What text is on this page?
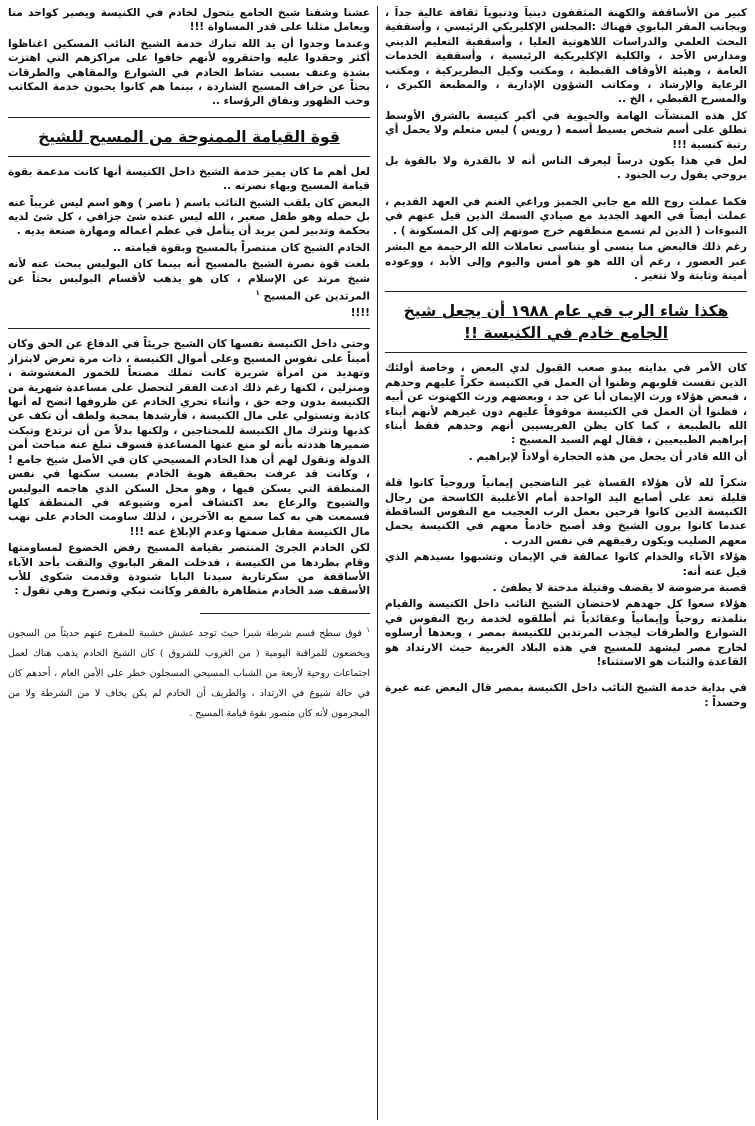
كبير من الأساقفة والكهنة المثقفون دينياً ودنيوياً ثقافة عالية جداً ، وبجانب المقر البابوي فهناك :المجلس الإكليريكي الرئيسي ، وأسقفية البحث العلمي والدراسات اللاهوتية العليا ، وأسقفية التعليم الديني ومدارس الأحد ، والكلية الإكليريكية الرئيسية ، وأسقفية الخدمات العامة ، وهيئة الأوقاف القبطية ، ومكتب وكيل البطريركية ، ومكتب الرعاية والإرشاد ، ومكاتب الشؤون الإدارية ، والمطبعة الكبرى ، والمسرح القبطي ، الخ ..

كل هذه المنشآت الهامة والحيوية في أكبر كنيسة بالشرق الأوسط تطلق على أسم شخص بسيط أسمه ( رويس ) ليس متعلم ولا يحمل أي رتبة كنسية !!!

لعل في هذا يكون درساً ليعرف الناس أنه لا بالقدرة ولا بالقوة بل بروحي يقول رب الجنود .

فكما عملت روح الله مع جابي الجميز وراعي الغنم في العهد القديم ، عملت أيضاً في العهد الجديد مع صيادي السمك الذين قيل عنهم في النبوءات ( الذين لم تسمع منطقهم خرج صوتهم إلى كل المسكونة ) .

رغم ذلك فالبعض منا ينسى أو يتناسى تعاملات الله الرحيمة مع البشر عبر العصور ، رغم أن الله هو هو أمس واليوم وإلى الأبد ، ووعوده أمينة وثابتة ولا تتغير .

هكذا شاء الرب في عام ١٩٨٨ أن يجعل شيخ الجامع خادم في الكنيسة !!

كان الأمر في بدايته يبدو صعب القبول لدي البعض ، وخاصة أولئك الذين تقست قلوبهم وظنوا أن العمل في الكنيسة حكراً عليهم وحدهم ، فبعض هؤلاء ورث الإيمان أبا عن جد ، وبعضهم ورث الكهنوت عن أبيه ، فظنوا أن العمل في الكنيسة موقوفاً عليهم دون غيرهم لأنهم أبناء الله بالطبيعة ، كما كان يظن الفريسيين أنهم وحدهم فقط أبناء إبراهيم الطبيعيين ، فقال لهم السيد المسيح :

أن الله قادر أن يجعل من هذه الحجارة أولاداً لإبراهيم .

شكراً لله لأن هؤلاء القساة غير الناضجين إيمانياً وروحياً كانوا قلة قليلة تعد على أصابع اليد الواحدة أمام الأغلبية الكاسحة من رجال الكنيسة الذين كانوا فرحين بعمل الرب العجيب مع النفوس الساقطة عندما كانوا يرون الشيخ وقد أصبح خادماً معهم في الكنيسة يحمل معهم الصليب ويكون رفيقهم في نفس الدرب .

هؤلاء الآباء والخدام كانوا عمالقة في الإيمان وتشبهوا بسيدهم الذي قيل عنه أنه:

قصبة مرضوضة لا يقصف وفتيلة مدخنة لا يطفئ .

هؤلاء سعوا كل جهدهم لاحتضان الشيخ التائب داخل الكنيسة والقيام بتلمذته روحياً وإيمانياً وعقائدياً ثم أطلقوه لخدمة ربح النفوس في الشوارع والطرقات ليجذب المرتدين للكنيسة بمصر ، وبعدها أرسلوه لخارج مصر ليشهد للمسيح في هذه البلاد الغربية حيث الارتداد هو القاعدة والثبات هو الاستثناء!

في بداية خدمة الشيخ التائب داخل الكنيسة بمصر قال البعض عنه غيرة وحسداً :

عشنا وشفنا شيخ الجامع يتحول لخادم في الكنيسة ويصير كواحد منا ويعامل مثلنا على قدر المساواة !!!

وعندما وجدوا أن يد الله تبارك خدمة الشيخ التائب المسكين اغتاظوا أكثر وحقدوا عليه واحتقروه لأنهم خافوا على مراكزهم التي اهتزت بشدة وعنف بسبب نشاط الخادم في الشوارع والمقاهي والطرقات بحثاً عن خراف المسيح الشاردة ، بينما هم كانوا يحبون خدمة المكاتب وحب الظهور ونفاق الرؤساء ..

قوة القيامة الممنوحة من المسيح للشيخ

لعل أهم ما كان يميز خدمة الشيخ داخل الكنيسة أنها كانت مدعمة بقوة قيامة المسيح وبهاء نصرته ..

البعض كان يلقب الشيخ التائب باسم ( ناصر ) وهو اسم ليس غريباً عنه بل حمله وهو طفل صغير ، الله ليس عنده شئ جزافي ، كل شئ لديه بحكمة وتدبير لمن يريد أن يتأمل في عظم أعماله ومهارة صنعة يديه .

الخادم الشيخ كان منتصراً بالمسيح وبقوة قيامته ..

بلغت قوة نصرة الشيخ بالمسيح أنه بينما كان البوليس يبحث عنه لأنه شيخ مرتد عن الإسلام ، كان هو يذهب لأقسام البوليس بحثاً عن المرتدين عن المسيح $^١$

!!!!

وحتى داخل الكنيسة نفسها كان الشيخ جريئاً في الدفاع عن الحق وكان أميناً على نفوس المسيح وعلى أموال الكنيسة ، ذات مرة تعرض لابتزاز وتهديد من امرأة شريرة كانت تملك مصنعاً للخمور المغشوشة ، ومنزلين ، لكنها رغم ذلك ادعت الفقر لتحصل على مساعدة شهرية من الكنيسة بدون وجه حق ، وأثناء تحري الخادم عن ظروفها اتضح له أنها كاذبة وتستولي على مال الكنيسة ، فأرشدها بمحبة ولطف أن تكف عن كذبها وتترك مال الكنيسة للمحتاجين ، ولكنها بدلاً من أن ترتدع وتبكت ضميرها هددته بأنه لو منع عنها المساعدة فسوف تبلغ عنه مباحث أمن الدولة وتقول لهم أن هذا الخادم المسيحي كان في الأصل شيخ جامع ! ، وكانت قد عرفت بحقيقة هوية الخادم بسبب سكنها في نفس المنطقة التي يسكن فيها ، وهو محل السكن الذي هاجمه البوليس والشيوخ والرعاع بعد اكتشاف أمره وشيوعه في المنطقة كلها فسمعت هي به كما سمع به الآخرين ، لذلك ساومت الخادم على نهب مال الكنيسة مقابل صمتها وعدم الإبلاغ عنه !!!

لكن الخادم الجرئ المنتصر بقيامة المسيح رفض الخضوع لمساومتها وقام بطردها من الكنيسة ، فدخلت المقر البابوي والتقت بأحد الآباء الأساقفة من سكرتارية سيدنا البابا شنودة وقدمت شكوى للأب الأسقف ضد الخادم متظاهرة بالفقر وكانت تبكي وتصرخ وهي تقول :

$^١$ فوق سطح قسم شرطة شبرا حيث توجد عشش خشبية للمفرج عنهم حديثاً من السجون ويخضعون للمراقبة اليومية ( من الغروب للشروق ) كان الشيخ الخادم يذهب هناك لعمل اجتماعات روحية لأربعة من الشباب المسيحي المسجلون خطر على الأمن العام ، أحدهم كان في حالة شيوع في الارتداد ، والطريف أن الخادم لم يكن يخاف لا من الشرطة ولا من المجرمون لأنه كان منصور بقوة قيامة المسيح .
